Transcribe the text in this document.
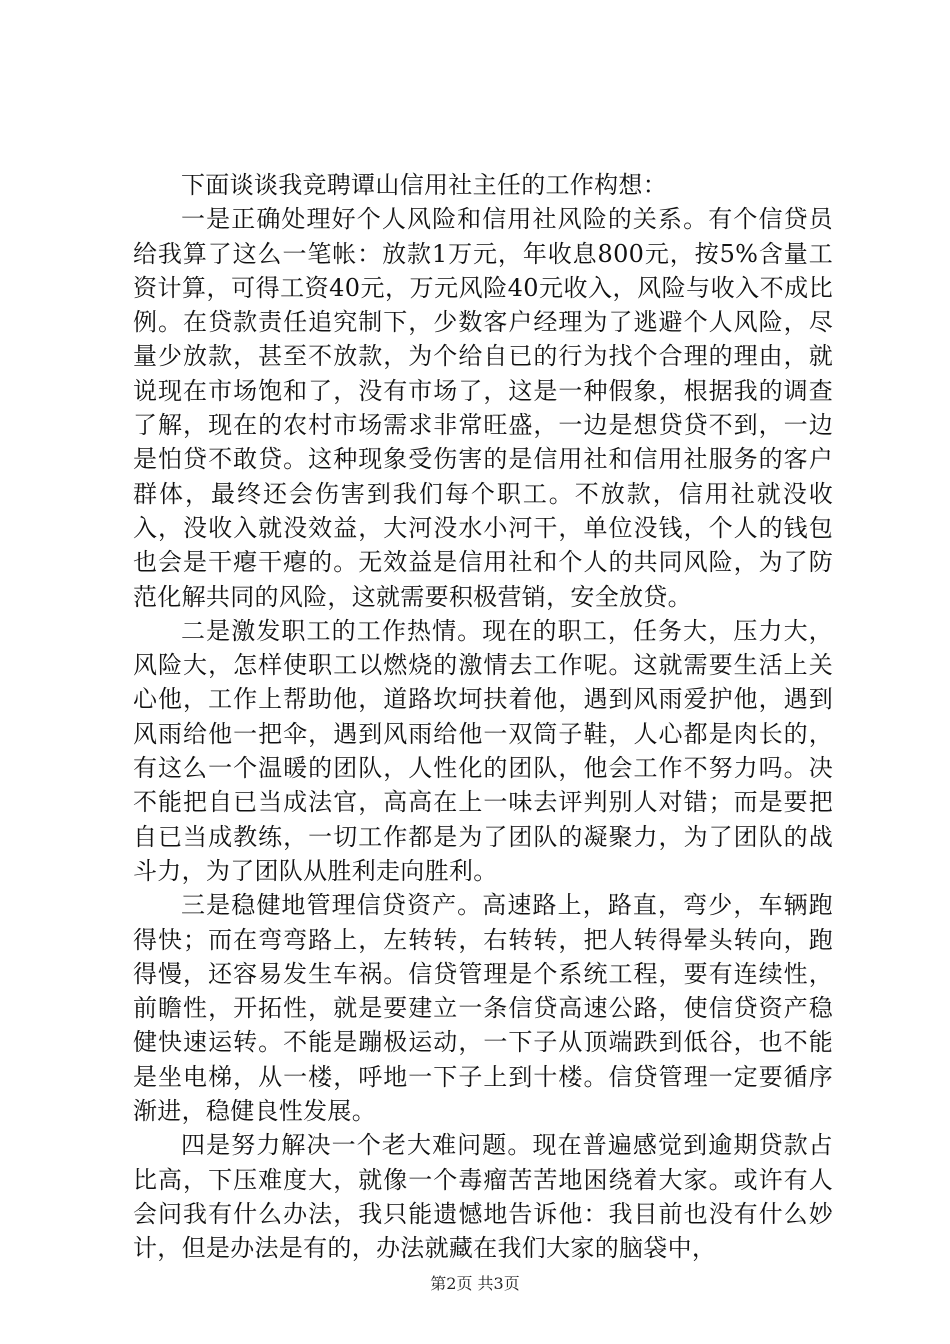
下面谈谈我竞聘谭山信用社主任的工作构想：

一是正确处理好个人风险和信用社风险的关系。有个信贷员给我算了这么一笔帐：放款1万元，年收息800元，按5%含量工资计算，可得工资40元，万元风险40元收入，风险与收入不成比例。在贷款责任追究制下，少数客户经理为了逃避个人风险，尽量少放款，甚至不放款，为个给自已的行为找个合理的理由，就说现在市场饱和了，没有市场了，这是一种假象，根据我的调查了解，现在的农村市场需求非常旺盛，一边是想贷贷不到，一边是怕贷不敢贷。这种现象受伤害的是信用社和信用社服务的客户群体，最终还会伤害到我们每个职工。不放款，信用社就没收入，没收入就没效益，大河没水小河干，单位没钱，个人的钱包也会是干瘪干瘪的。无效益是信用社和个人的共同风险，为了防范化解共同的风险，这就需要积极营销，安全放贷。

二是激发职工的工作热情。现在的职工，任务大，压力大，风险大，怎样使职工以燃烧的激情去工作呢。这就需要生活上关心他，工作上帮助他，道路坎坷扶着他，遇到风雨爱护他，遇到风雨给他一把伞，遇到风雨给他一双筒子鞋，人心都是肉长的，有这么一个温暖的团队，人性化的团队，他会工作不努力吗。决不能把自已当成法官，高高在上一味去评判别人对错；而是要把自已当成教练，一切工作都是为了团队的凝聚力，为了团队的战斗力，为了团队从胜利走向胜利。

三是稳健地管理信贷资产。高速路上，路直，弯少，车辆跑得快；而在弯弯路上，左转转，右转转，把人转得晕头转向，跑得慢，还容易发生车祸。信贷管理是个系统工程，要有连续性，前瞻性，开拓性，就是要建立一条信贷高速公路，使信贷资产稳健快速运转。不能是蹦极运动，一下子从顶端跌到低谷，也不能是坐电梯，从一楼，呼地一下子上到十楼。信贷管理一定要循序渐进，稳健良性发展。

四是努力解决一个老大难问题。现在普遍感觉到逾期贷款占比高，下压难度大，就像一个毒瘤苦苦地困绕着大家。或许有人会问我有什么办法，我只能遗憾地告诉他：我目前也没有什么妙计，但是办法是有的，办法就藏在我们大家的脑袋中，

第2页 共3页
